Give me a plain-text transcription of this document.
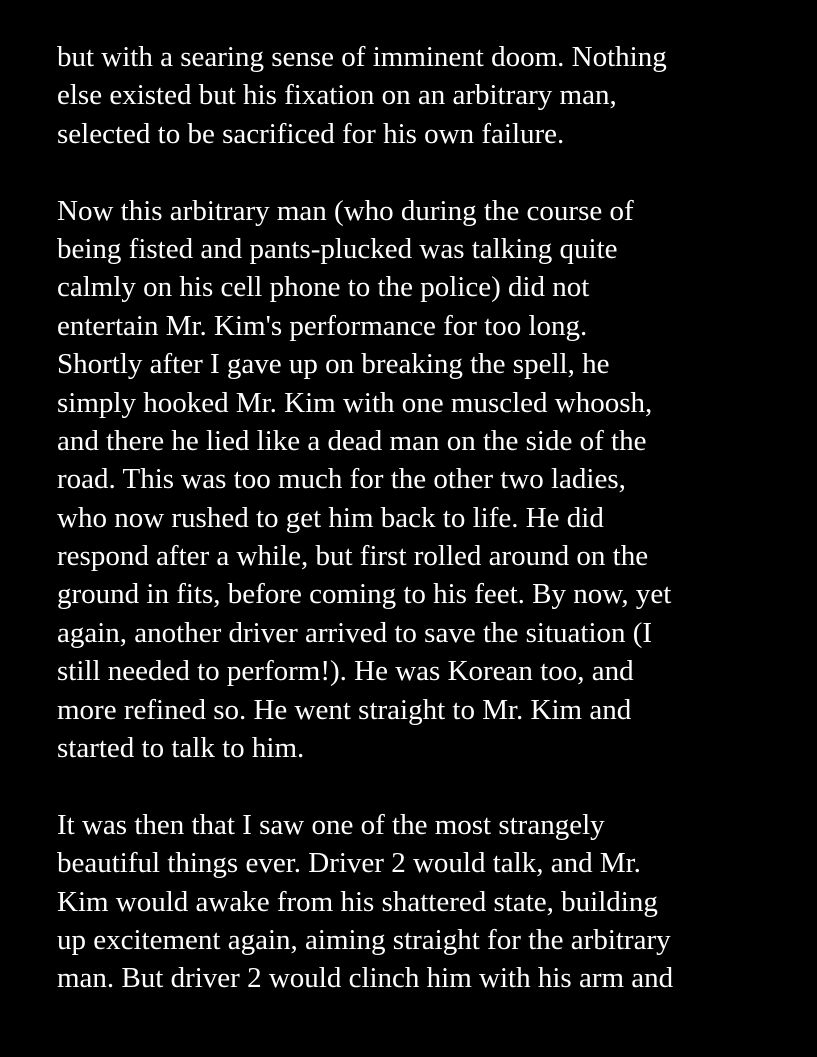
but with a searing sense of imminent doom. Nothing
else existed but his fixation on an arbitrary man,
selected to be sacrificed for his own failure.
Now this arbitrary man (who during the course of
being fisted and pants-plucked was talking quite
calmly on his cell phone to the police) did not
entertain Mr. Kim's performance for too long.
Shortly after I gave up on breaking the spell, he
simply hooked Mr. Kim with one muscled whoosh,
and there he lied like a dead man on the side of the
road. This was too much for the other two ladies,
who now rushed to get him back to life. He did
respond after a while, but first rolled around on the
ground in fits, before coming to his feet. By now, yet
again, another driver arrived to save the situation (I
still needed to perform!). He was Korean too, and
more refined so. He went straight to Mr. Kim and
started to talk to him.
It was then that I saw one of the most strangely
beautiful things ever. Driver 2 would talk, and Mr.
Kim would awake from his shattered state, building
up excitement again, aiming straight for the arbitrary
man. But driver 2 would clinch him with his arm and
